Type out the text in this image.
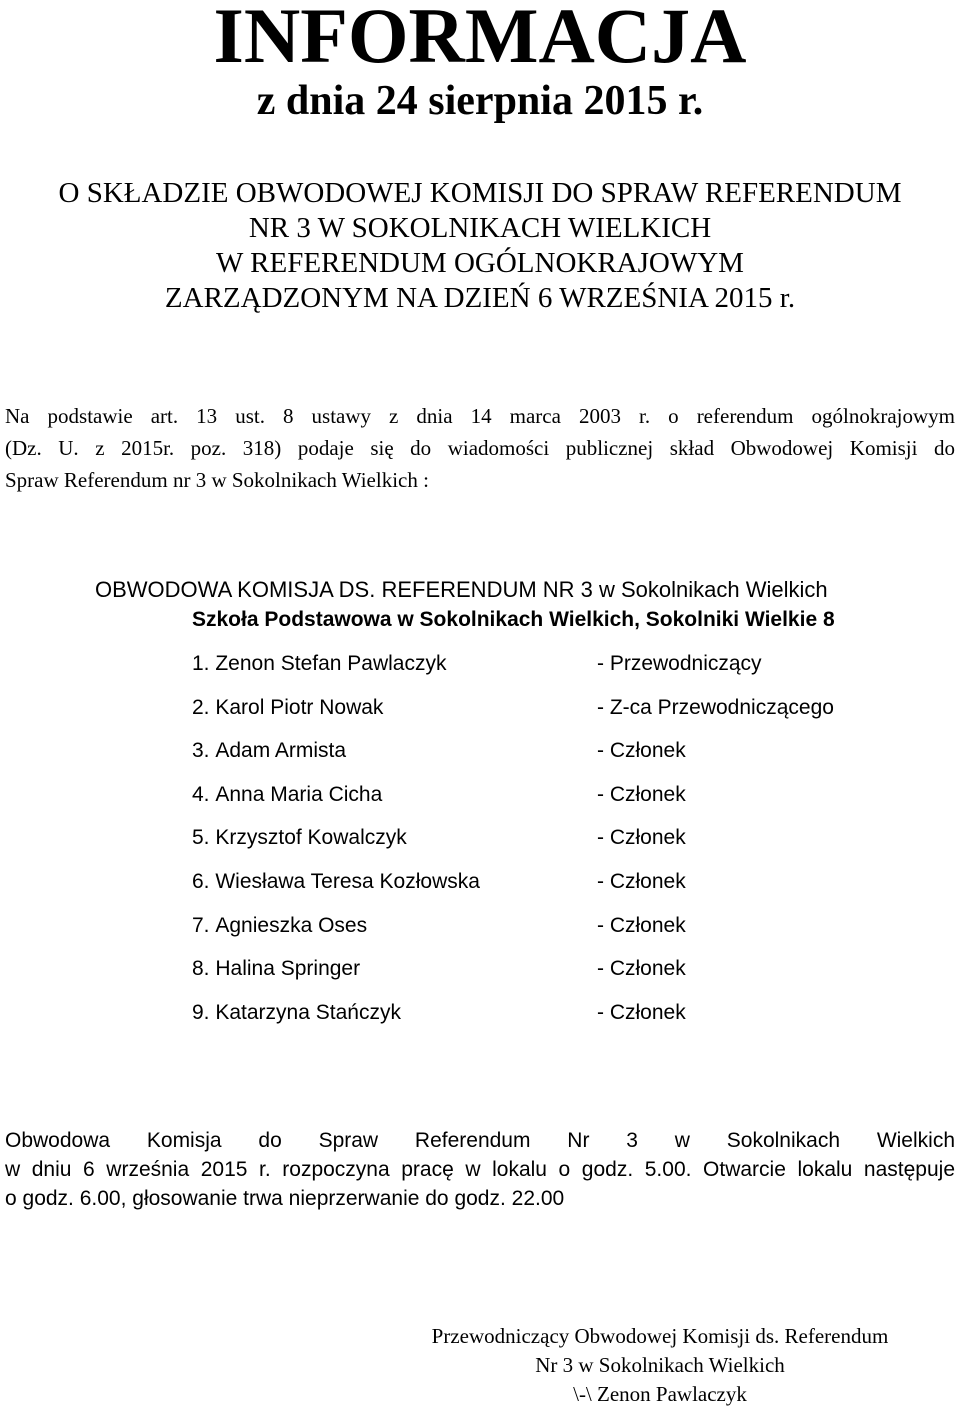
INFORMACJA
z dnia 24 sierpnia 2015 r.
O SKŁADZIE OBWODOWEJ KOMISJI DO SPRAW REFERENDUM
NR 3 W SOKOLNIKACH WIELKICH
W REFERENDUM OGÓLNOKRAJOWYM
ZARZĄDZONYM NA DZIEŃ 6 WRZEŚNIA 2015 r.
Na podstawie art. 13 ust. 8 ustawy z dnia 14 marca 2003 r. o referendum ogólnokrajowym
(Dz. U. z 2015r. poz. 318) podaje się do wiadomości publicznej skład Obwodowej Komisji do
Spraw Referendum nr 3 w Sokolnikach Wielkich :
OBWODOWA KOMISJA DS. REFERENDUM NR 3 w Sokolnikach Wielkich
Szkoła Podstawowa w Sokolnikach Wielkich, Sokolniki Wielkie 8
1. Zenon Stefan Pawlaczyk	- Przewodniczący
2. Karol Piotr Nowak	- Z-ca Przewodniczącego
3. Adam Armista	- Członek
4. Anna Maria Cicha	- Członek
5. Krzysztof Kowalczyk	- Członek
6. Wiesława Teresa Kozłowska	- Członek
7. Agnieszka Oses	- Członek
8. Halina Springer	- Członek
9. Katarzyna Stańczyk	- Członek
Obwodowa Komisja do Spraw Referendum Nr 3 w Sokolnikach Wielkich
w dniu 6 września 2015 r. rozpoczyna pracę w lokalu o godz. 5.00. Otwarcie lokalu następuje
o godz. 6.00, głosowanie trwa nieprzerwanie do godz. 22.00
Przewodniczący Obwodowej Komisji ds. Referendum
Nr 3 w Sokolnikach Wielkich
\-\ Zenon Pawlaczyk
